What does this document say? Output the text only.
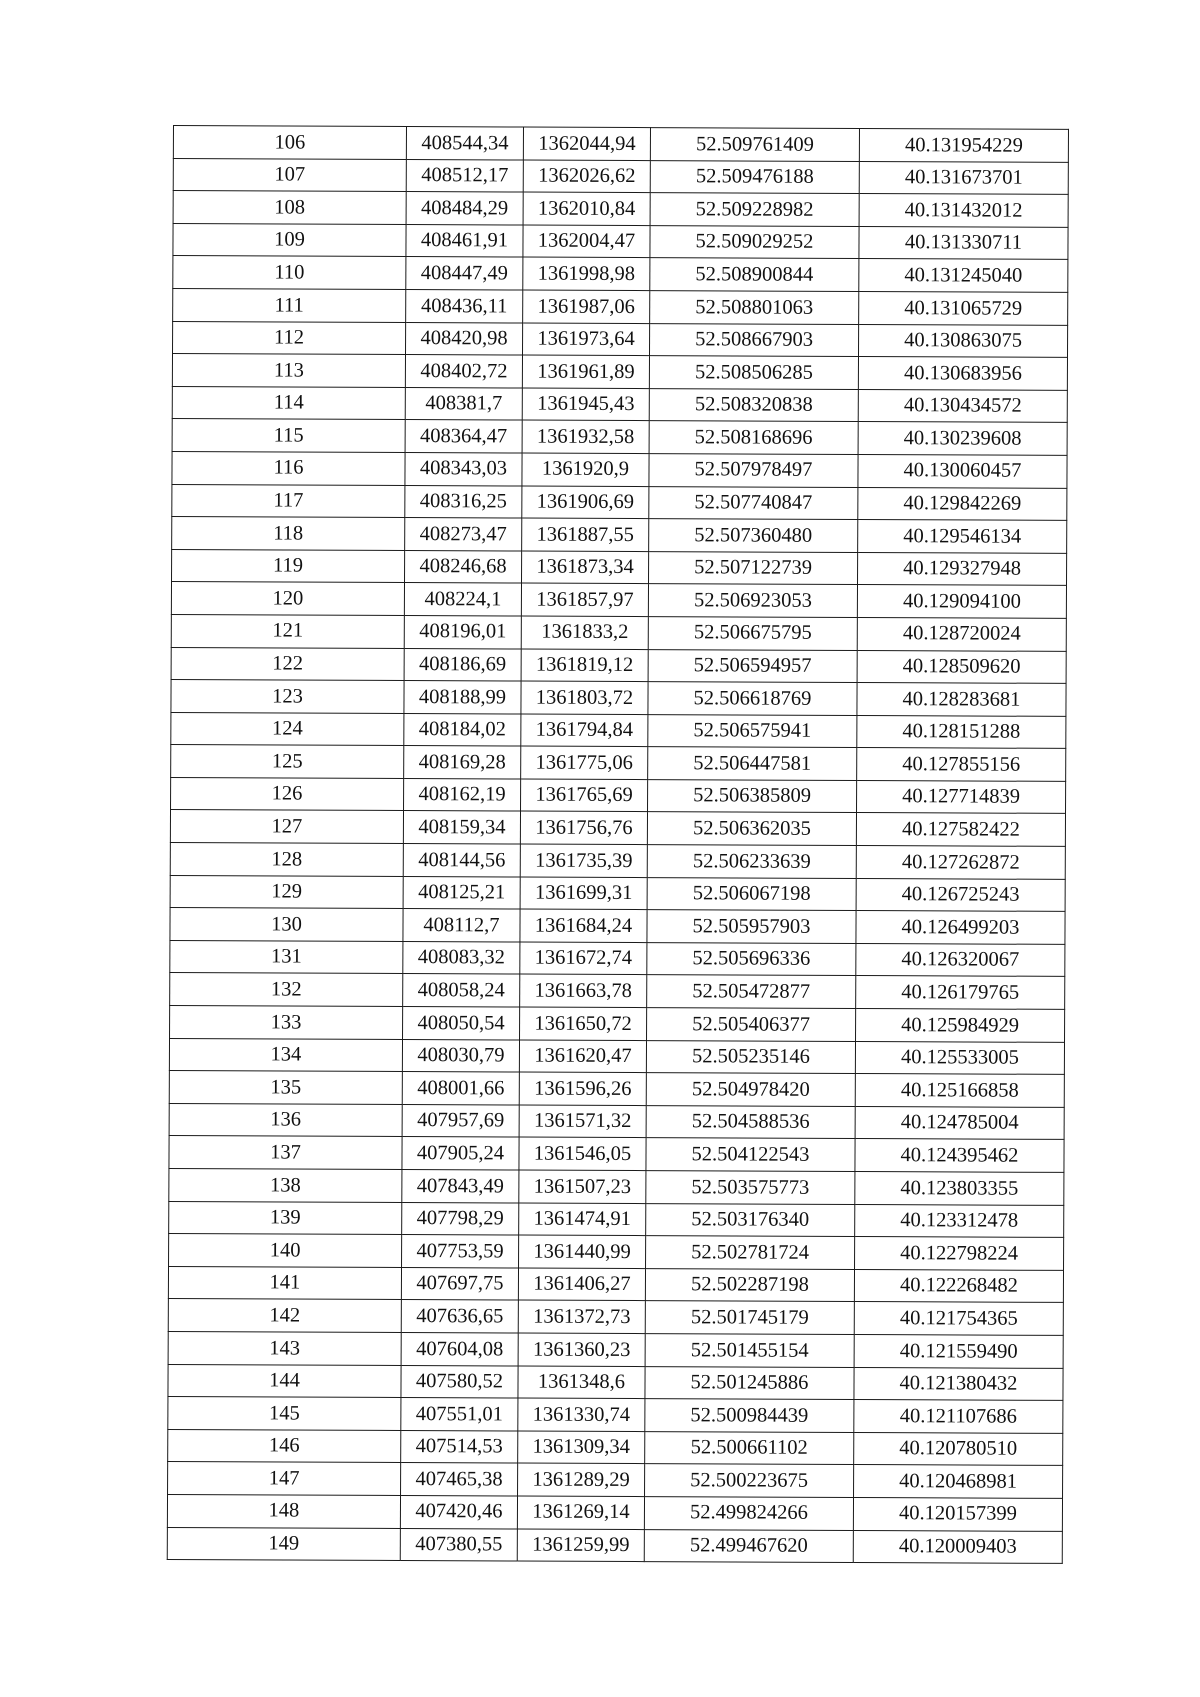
106	408544,34	1362044,94	52.509761409	40.131954229
107	408512,17	1362026,62	52.509476188	40.131673701
108	408484,29	1362010,84	52.509228982	40.131432012
109	408461,91	1362004,47	52.509029252	40.131330711
110	408447,49	1361998,98	52.508900844	40.131245040
111	408436,11	1361987,06	52.508801063	40.131065729
112	408420,98	1361973,64	52.508667903	40.130863075
113	408402,72	1361961,89	52.508506285	40.130683956
114	408381,7	1361945,43	52.508320838	40.130434572
115	408364,47	1361932,58	52.508168696	40.130239608
116	408343,03	1361920,9	52.507978497	40.130060457
117	408316,25	1361906,69	52.507740847	40.129842269
118	408273,47	1361887,55	52.507360480	40.129546134
119	408246,68	1361873,34	52.507122739	40.129327948
120	408224,1	1361857,97	52.506923053	40.129094100
121	408196,01	1361833,2	52.506675795	40.128720024
122	408186,69	1361819,12	52.506594957	40.128509620
123	408188,99	1361803,72	52.506618769	40.128283681
124	408184,02	1361794,84	52.506575941	40.128151288
125	408169,28	1361775,06	52.506447581	40.127855156
126	408162,19	1361765,69	52.506385809	40.127714839
127	408159,34	1361756,76	52.506362035	40.127582422
128	408144,56	1361735,39	52.506233639	40.127262872
129	408125,21	1361699,31	52.506067198	40.126725243
130	408112,7	1361684,24	52.505957903	40.126499203
131	408083,32	1361672,74	52.505696336	40.126320067
132	408058,24	1361663,78	52.505472877	40.126179765
133	408050,54	1361650,72	52.505406377	40.125984929
134	408030,79	1361620,47	52.505235146	40.125533005
135	408001,66	1361596,26	52.504978420	40.125166858
136	407957,69	1361571,32	52.504588536	40.124785004
137	407905,24	1361546,05	52.504122543	40.124395462
138	407843,49	1361507,23	52.503575773	40.123803355
139	407798,29	1361474,91	52.503176340	40.123312478
140	407753,59	1361440,99	52.502781724	40.122798224
141	407697,75	1361406,27	52.502287198	40.122268482
142	407636,65	1361372,73	52.501745179	40.121754365
143	407604,08	1361360,23	52.501455154	40.121559490
144	407580,52	1361348,6	52.501245886	40.121380432
145	407551,01	1361330,74	52.500984439	40.121107686
146	407514,53	1361309,34	52.500661102	40.120780510
147	407465,38	1361289,29	52.500223675	40.120468981
148	407420,46	1361269,14	52.499824266	40.120157399
149	407380,55	1361259,99	52.499467620	40.120009403
